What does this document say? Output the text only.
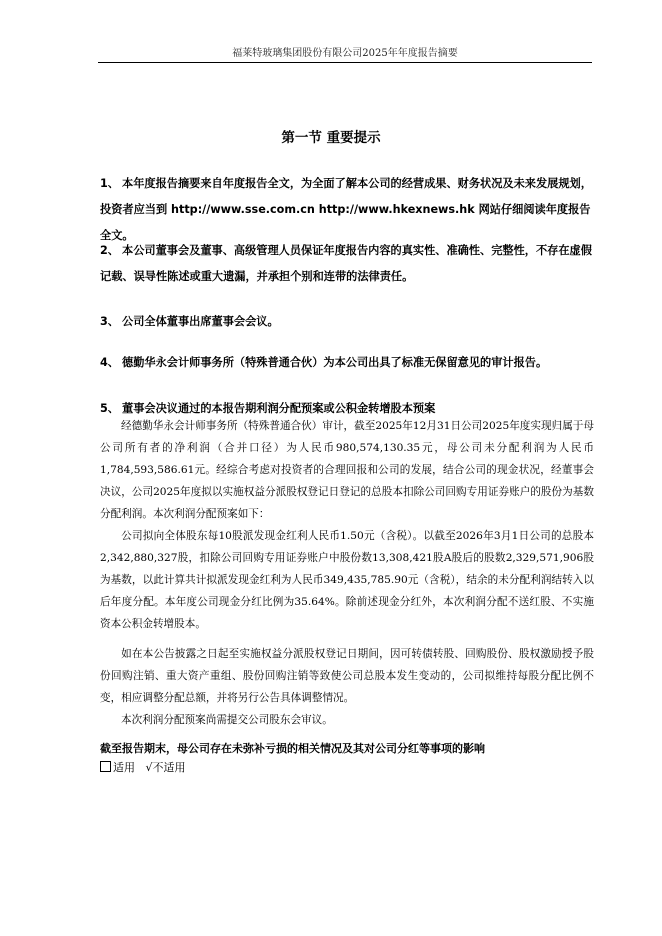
福莱特玻璃集团股份有限公司2025年年度报告摘要
第一节 重要提示
1、 本年度报告摘要来自年度报告全文，为全面了解本公司的经营成果、财务状况及未来发展规划，投资者应当到 http://www.sse.com.cn http://www.hkexnews.hk 网站仔细阅读年度报告全文。
2、 本公司董事会及董事、高级管理人员保证年度报告内容的真实性、准确性、完整性，不存在虚假记载、误导性陈述或重大遗漏，并承担个别和连带的法律责任。
3、 公司全体董事出席董事会会议。
4、 德勤华永会计师事务所（特殊普通合伙）为本公司出具了标准无保留意见的审计报告。
5、 董事会决议通过的本报告期利润分配预案或公积金转增股本预案
经德勤华永会计师事务所（特殊普通合伙）审计，截至2025年12月31日公司2025年度实现归属于母公司所有者的净利润（合并口径）为人民币980,574,130.35元，母公司未分配利润为人民币1,784,593,586.61元。经综合考虑对投资者的合理回报和公司的发展，结合公司的现金状况，经董事会决议，公司2025年度拟以实施权益分派股权登记日登记的总股本扣除公司回购专用证券账户的股份为基数分配利润。本次利润分配预案如下：
公司拟向全体股东每10股派发现金红利人民币1.50元（含税）。以截至2026年3月1日公司的总股本2,342,880,327股，扣除公司回购专用证券账户中股份数13,308,421股A股后的股数2,329,571,906股为基数，以此计算共计拟派发现金红利为人民币349,435,785.90元（含税），结余的未分配利润结转入以后年度分配。本年度公司现金分红比例为35.64%。除前述现金分红外，本次利润分配不送红股、不实施资本公积金转增股本。
如在本公告披露之日起至实施权益分派股权登记日期间，因可转债转股、回购股份、股权激励授予股份回购注销、重大资产重组、股份回购注销等致使公司总股本发生变动的，公司拟维持每股分配比例不变，相应调整分配总额，并将另行公告具体调整情况。
本次利润分配预案尚需提交公司股东会审议。
截至报告期末，母公司存在未弥补亏损的相关情况及其对公司分红等事项的影响
适用 √不适用
